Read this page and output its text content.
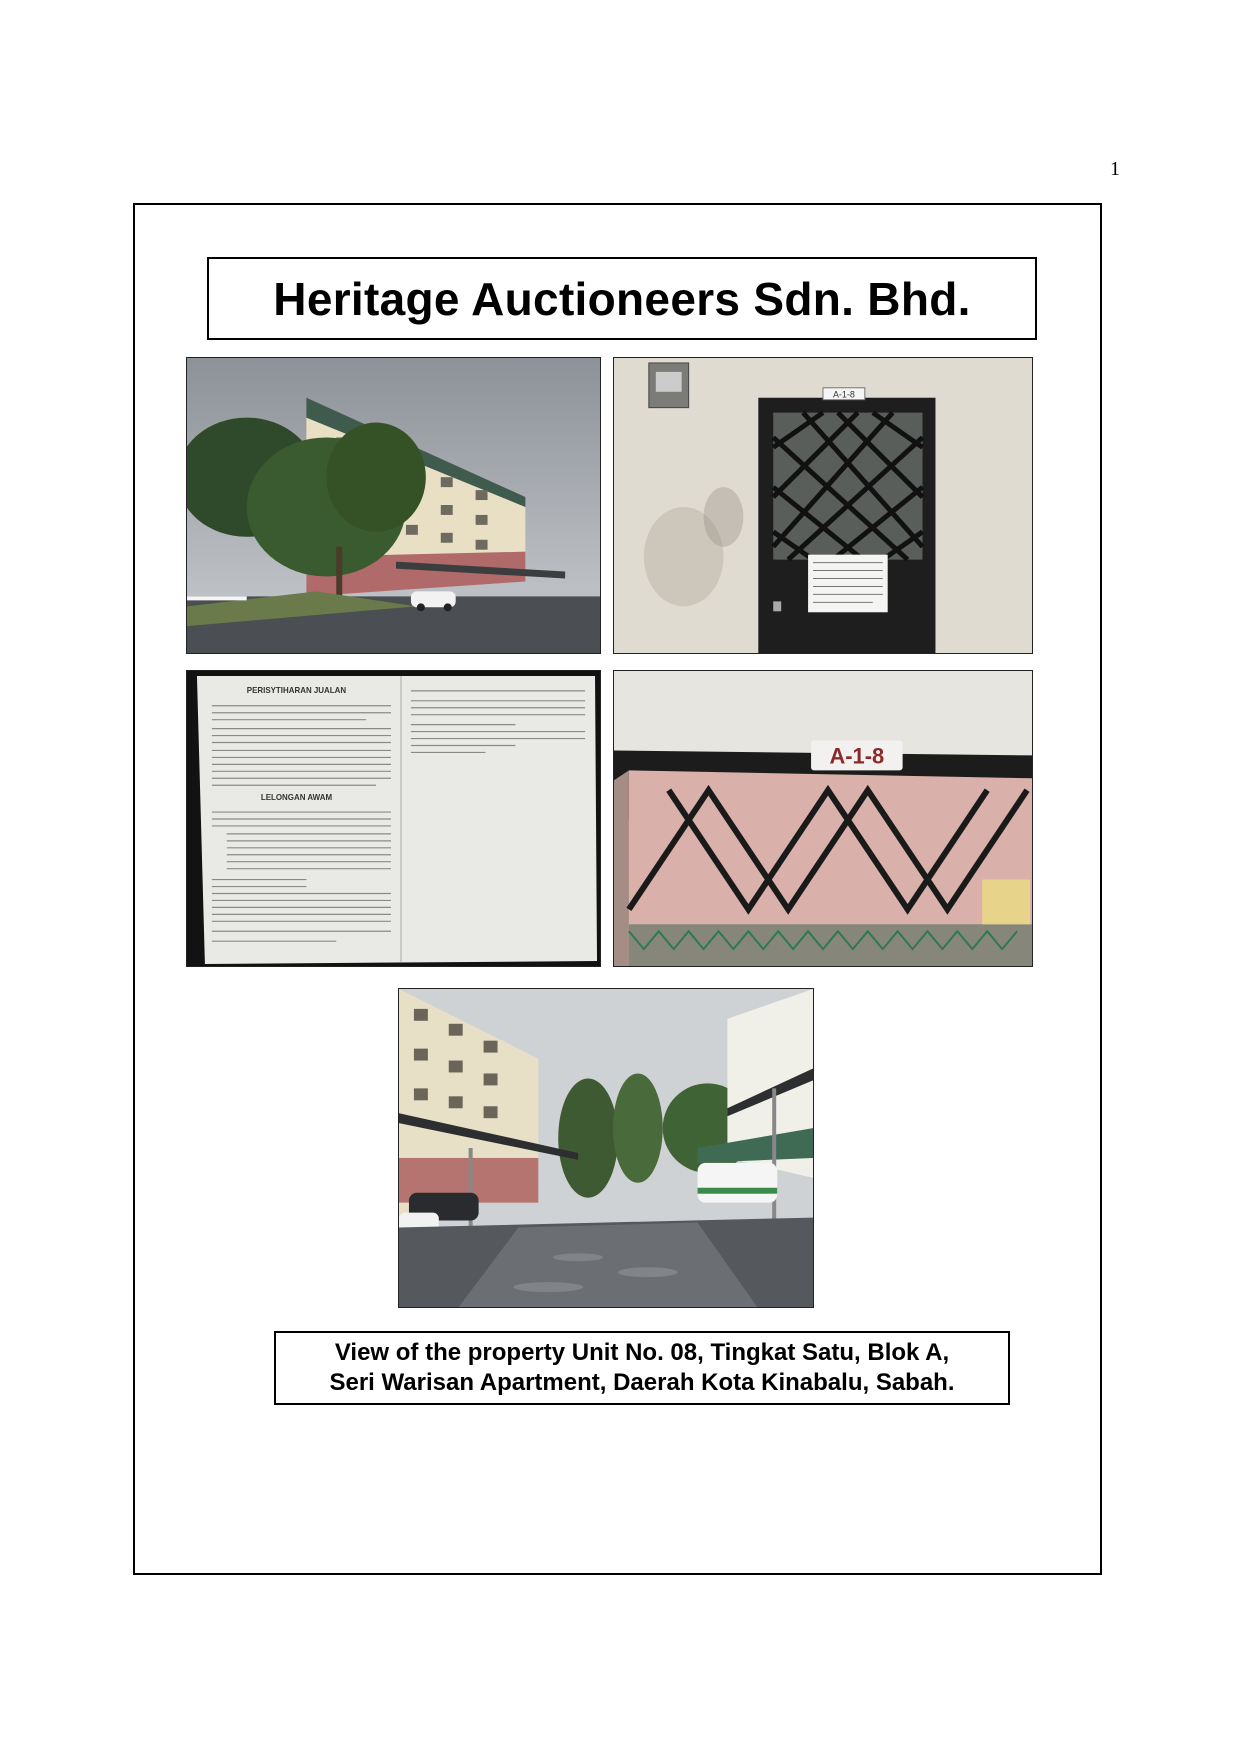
1
Heritage Auctioneers Sdn. Bhd.
A-1-8
PERISYTIHARAN JUALAN
LELONGAN AWAM
A-1-8
View of the property Unit No. 08, Tingkat Satu, Blok A,
Seri Warisan Apartment, Daerah Kota Kinabalu, Sabah.
